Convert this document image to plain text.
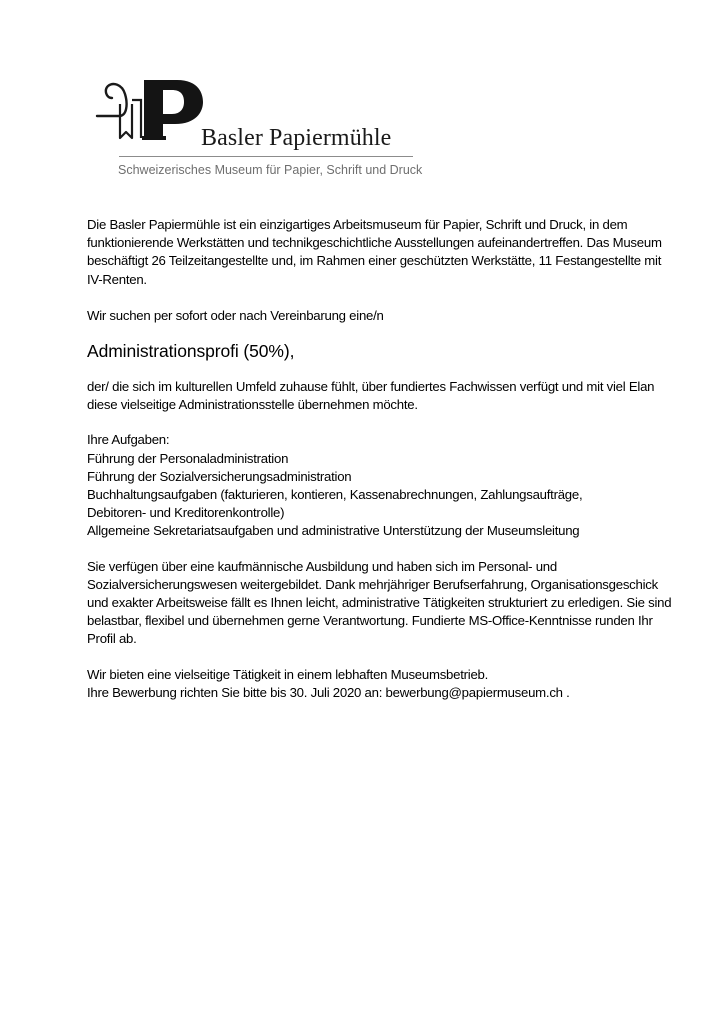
Basler Papiermühle
Schweizerisches Museum für Papier, Schrift und Druck

Die Basler Papiermühle ist ein einzigartiges Arbeitsmuseum für Papier, Schrift und Druck, in dem funktionierende Werkstätten und technikgeschichtliche Ausstellungen aufeinandertreffen. Das Museum beschäftigt 26 Teilzeitangestellte und, im Rahmen einer geschützten Werkstätte, 11 Festangestellte mit IV-Renten.

Wir suchen per sofort oder nach Vereinbarung eine/n

Administrationsprofi (50%),

der/ die sich im kulturellen Umfeld zuhause fühlt, über fundiertes Fachwissen verfügt und mit viel Elan diese vielseitige Administrationsstelle übernehmen möchte.

Ihre Aufgaben:

Führung der Personaladministration

Führung der Sozialversicherungsadministration

Buchhaltungsaufgaben (fakturieren, kontieren, Kassenabrechnungen, Zahlungsaufträge, Debitoren- und Kreditorenkontrolle)

Allgemeine Sekretariatsaufgaben und administrative Unterstützung der Museumsleitung

Sie verfügen über eine kaufmännische Ausbildung und haben sich im Personal- und Sozialversicherungswesen weitergebildet. Dank mehrjähriger Berufserfahrung, Organisationsgeschick und exakter Arbeitsweise fällt es Ihnen leicht, administrative Tätigkeiten strukturiert zu erledigen. Sie sind belastbar, flexibel und übernehmen gerne Verantwortung. Fundierte MS-Office-Kenntnisse runden Ihr Profil ab.

Wir bieten eine vielseitige Tätigkeit in einem lebhaften Museumsbetrieb.

Ihre Bewerbung richten Sie bitte bis 30. Juli 2020 an: bewerbung@papiermuseum.ch .
